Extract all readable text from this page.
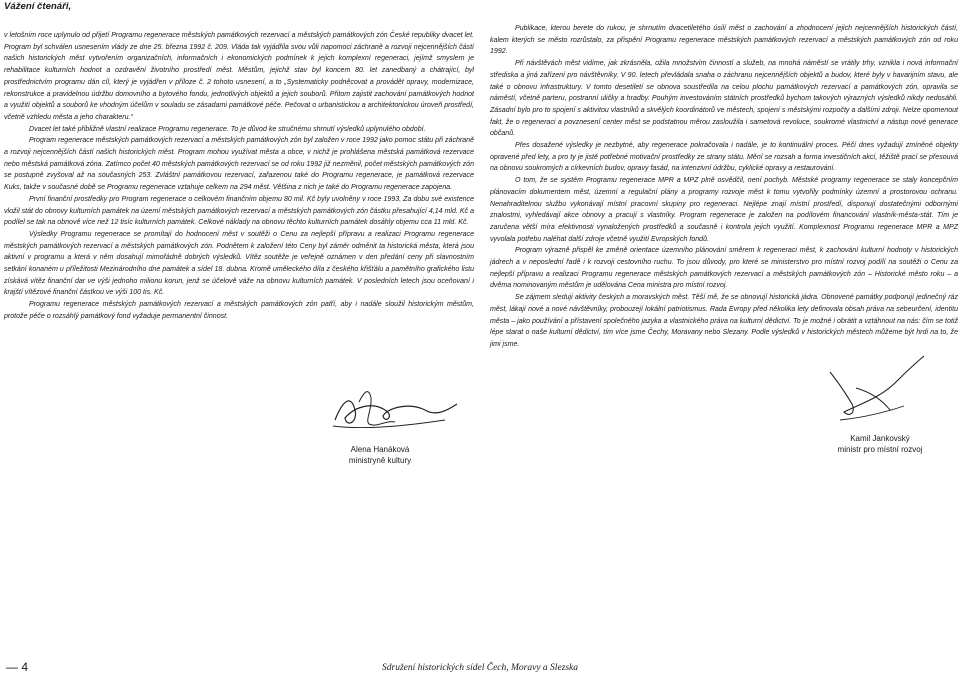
Vážení čtenáři,

v letošním roce uplynulo od přijetí Programu regenerace městských památkových rezervací a městských památkových zón České republiky dvacet let. Program byl schválen usnesením vlády ze dne 25. března 1992 č. 209. Vláda tak vyjádřila svou vůli napomoci záchraně a rozvoji nejcennějších částí našich historických měst vytvořením organizačních, informačních i ekonomických podmínek k jejich komplexní regeneraci, jejímž smyslem je rehabilitace kulturních hodnot a ozdravění životního prostředí měst. Městům, jejichž stav byl koncem 80. let zanedbaný a chátrající, byl prostřednictvím programu dán cíl, který je vyjádřen v příloze č. 2 tohoto usnesení, a to „Systematicky podněcovat a provádět opravy, modernizace, rekonstrukce a pravidelnou údržbu domovního a bytového fondu, jednotlivých objektů a jejich souborů. Přitom zajistit zachování památkových hodnot a využití objektů a souborů ke vhodným účelům v souladu se zásadami památkové péče. Pečovat o urbanistickou a architektonickou úroveň prostředí, včetně vzhledu města a jeho charakteru.“

Dvacet let také přibližně vlastní realizace Programu regenerace. To je důvod ke stručnému shrnutí výsledků uplynulého období.

Program regenerace městských památkových rezervací a městských památkových zón byl založen v roce 1992 jako pomoc státu při záchraně a rozvoji nejcennějších částí našich historických měst. Program mohou využívat města a obce, v nichž je prohlášena městská památková rezervace nebo městská památková zóna. Zatímco počet 40 městských památkových rezervací se od roku 1992 již nezměnil, počet městských památkových zón se postupně zvyšoval až na současných 253. Zvláštní památkovou rezervací, zařazenou také do Programu regenerace, je památková rezervace Kuks, takže v současné době se Programu regenerace vztahuje celkem na 294 měst. Většina z nich je také do Programu regenerace zapojena.

První finanční prostředky pro Program regenerace o celkovém finančním objemu 80 mil. Kč byly uvolněny v roce 1993. Za dobu své existence vložil stát do obnovy kulturních památek na území městských památkových rezervací a městských památkových zón částku přesahující 4,14 mld. Kč a podílel se tak na obnově více než 12 tisíc kulturních památek. Celkové náklady na obnovu těchto kulturních památek dosáhly objemu cca 11 mld. Kč.

Výsledky Programu regenerace se promítají do hodnocení měst v soutěži o Cenu za nejlepší přípravu a realizaci Programu regenerace městských památkových rezervací a městských památkových zón. Podnětem k založení této Ceny byl záměr odměnit ta historická města, která jsou aktivní v programu a která v něm dosahují mimořádně dobrých výsledků. Vítěz soutěže je veřejně oznámen v den předání ceny při slavnostním setkání konaném u příležitosti Mezinárodního dne památek a sídel 18. dubna. Kromě uměleckého díla z českého křišťálu a pamětního grafického listu získává vítěz finanční dar ve výši jednoho milionu korun, jenž se účelově váže na obnovu kulturních památek. V posledních letech jsou oceňovaní i krajští vítězové finanční částkou ve výši 100 tis. Kč.

Programu regenerace městských památkových rezervací a městských památkových zón patří, aby i nadále sloužil historickým městům, protože péče o rozsáhlý památkový fond vyžaduje permanentní činnost.

Publikace, kterou berete do rukou, je shrnutím dvacetiletého úsilí měst o zachování a zhodnocení jejich nejcennějších historických částí, kalem kterých se město rozrůstalo, za přispění Programu regenerace městských památkových rezervací a městských památkových zón od roku 1992.

Při návštěvách měst vidíme, jak zkrásněla, ožila množstvím činností a služeb, na mnohá náměstí se vrátily trhy, vznikla i nová informační střediska a jiná zařízení pro návštěvníky. V 90. letech převládala snaha o záchranu nejcennějších objektů a budov, které byly v havarijním stavu, ale také o obnovu infrastruktury. V tomto desetiletí se obnova soustředila na celou plochu památkových rezervací a památkových zón, opravila se náměstí, včetně parteru, postranní uličky a hradby. Pouhým investováním státních prostředků bychom takových výrazných výsledků nikdy nedosáhli. Zásadní bylo pro to spojení s aktivitou vlastníků a skvělých koordinátorů ve městech, spojení s městskými rozpočty a dalšími zdroji. Nelze opomenout fakt, že o regeneraci a povznesení center měst se podstatnou měrou zasloužila i sametová revoluce, soukromé vlastnictví a nástup nové generace občanů.

Přes dosažené výsledky je nezbytné, aby regenerace pokračovala i nadále, je to kontinuální proces. Péčí dnes vyžadují zmíněné objekty opravené před lety, a pro ty je jistě potřebné motivační prostředky ze strany státu. Mění se rozsah a forma investičních akcí, těžiště prací se přesouvá na obnovu soukromých a církevních budov, opravy fasád, na intenzivní údržbu, cyklické opravy a restaurování.

O tom, že se systém Programu regenerace MPR a MPZ plně osvědčil, není pochyb. Městské programy regenerace se staly koncepčním plánovacím dokumentem měst, územní a regulační plány a programy rozvoje měst k tomu vytvořily podmínky územní a prostorovou ochranu. Nenahraditelnou službu vykonávají místní pracovní skupiny pro regeneraci. Nejlépe znají místní prostředí, disponují dostatečnými odbornými znalostmi, vyhledávají akce obnovy a pracují s vlastníky. Program regenerace je založen na podílovém financování vlastník-města-stát. Tím je zaručena větší míra efektivnosti vynaložených prostředků a současně i kontrola jejich využití. Komplexnost Programu regenerace MPR a MPZ vyvolala potřebu naléhat další zdroje včetně využití Evropských fondů.

Program výrazně přispěl ke změně orientace územního plánování směrem k regeneraci měst, k zachování kulturní hodnoty v historických jádrech a v neposlední řadě i k rozvoji cestovního ruchu. To jsou důvody, pro které se ministerstvo pro místní rozvoj podílí na soutěži o Cenu za nejlepší přípravu a realizaci Programu regenerace městských památkových rezervací a městských památkových zón – Historické město roku – a dvěma nominovaným městům je udělována Cena ministra pro místní rozvoj.

Se zájmem sleduji aktivity českých a moravských měst. Těší mě, že se obnovují historická jádra. Obnovené památky podporují jedinečný ráz měst, lákají nové a nové návštěvníky, probouzejí lokální patriotismus. Rada Evropy před několika lety definovala obsah práva na sebeurčení, identitu města – jako používání a přístavení společného jazyka a vlastnického práva na kulturní dědictví. To je možné i obrátit a vztáhnout na nás: čím se totiž lépe starat o naše kulturní dědictví, tím více jsme Čechy, Moravany nebo Slezany. Podle výsledků v historických městech můžeme být hrdi na to, že jimi jsme.

Alena Hanáková
ministryně kultury
Kamil Jankovský
ministr pro místní rozvoj
— 4	Sdružení historických sídel Čech, Moravy a Slezska
